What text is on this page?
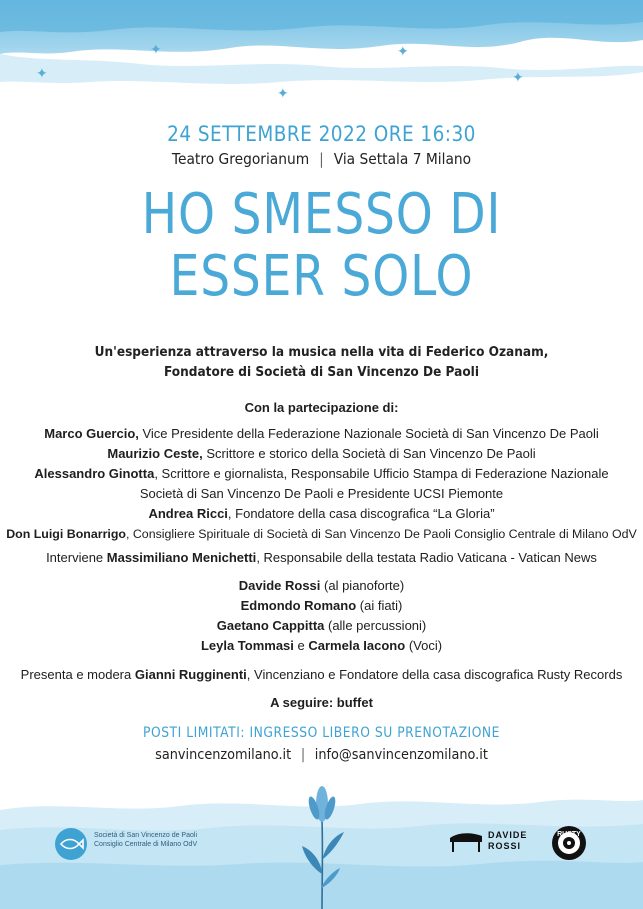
✦
✦
✦
✦
✦
24 SETTEMBRE 2022 ORE 16:30
Teatro Gregorianum | Via Settala 7 Milano
HO SMESSO DI
ESSER SOLO
Un'esperienza attraverso la musica nella vita di Federico Ozanam,
Fondatore di Società di San Vincenzo De Paoli
Con la partecipazione di:
Marco Guercio, Vice Presidente della Federazione Nazionale Società di San Vincenzo De Paoli
Maurizio Ceste, Scrittore e storico della Società di San Vincenzo De Paoli
Alessandro Ginotta, Scrittore e giornalista, Responsabile Ufficio Stampa di Federazione Nazionale
Società di San Vincenzo De Paoli e Presidente UCSI Piemonte
Andrea Ricci, Fondatore della casa discografica “La Gloria”
Don Luigi Bonarrigo, Consigliere Spirituale di Società di San Vincenzo De Paoli Consiglio Centrale di Milano OdV
Interviene Massimiliano Menichetti, Responsabile della testata Radio Vaticana - Vatican News
Davide Rossi (al pianoforte)
Edmondo Romano (ai fiati)
Gaetano Cappitta (alle percussioni)
Leyla Tommasi e Carmela Iacono (Voci)
Presenta e modera Gianni Rugginenti, Vincenziano e Fondatore della casa discografica Rusty Records
A seguire: buffet
POSTI LIMITATI: INGRESSO LIBERO SU PRENOTAZIONE
sanvincenzomilano.it | info@sanvincenzomilano.it
Società di San Vincenzo de Paoli
Consiglio Centrale di Milano OdV
DAVIDE
ROSSI
RUSTY
